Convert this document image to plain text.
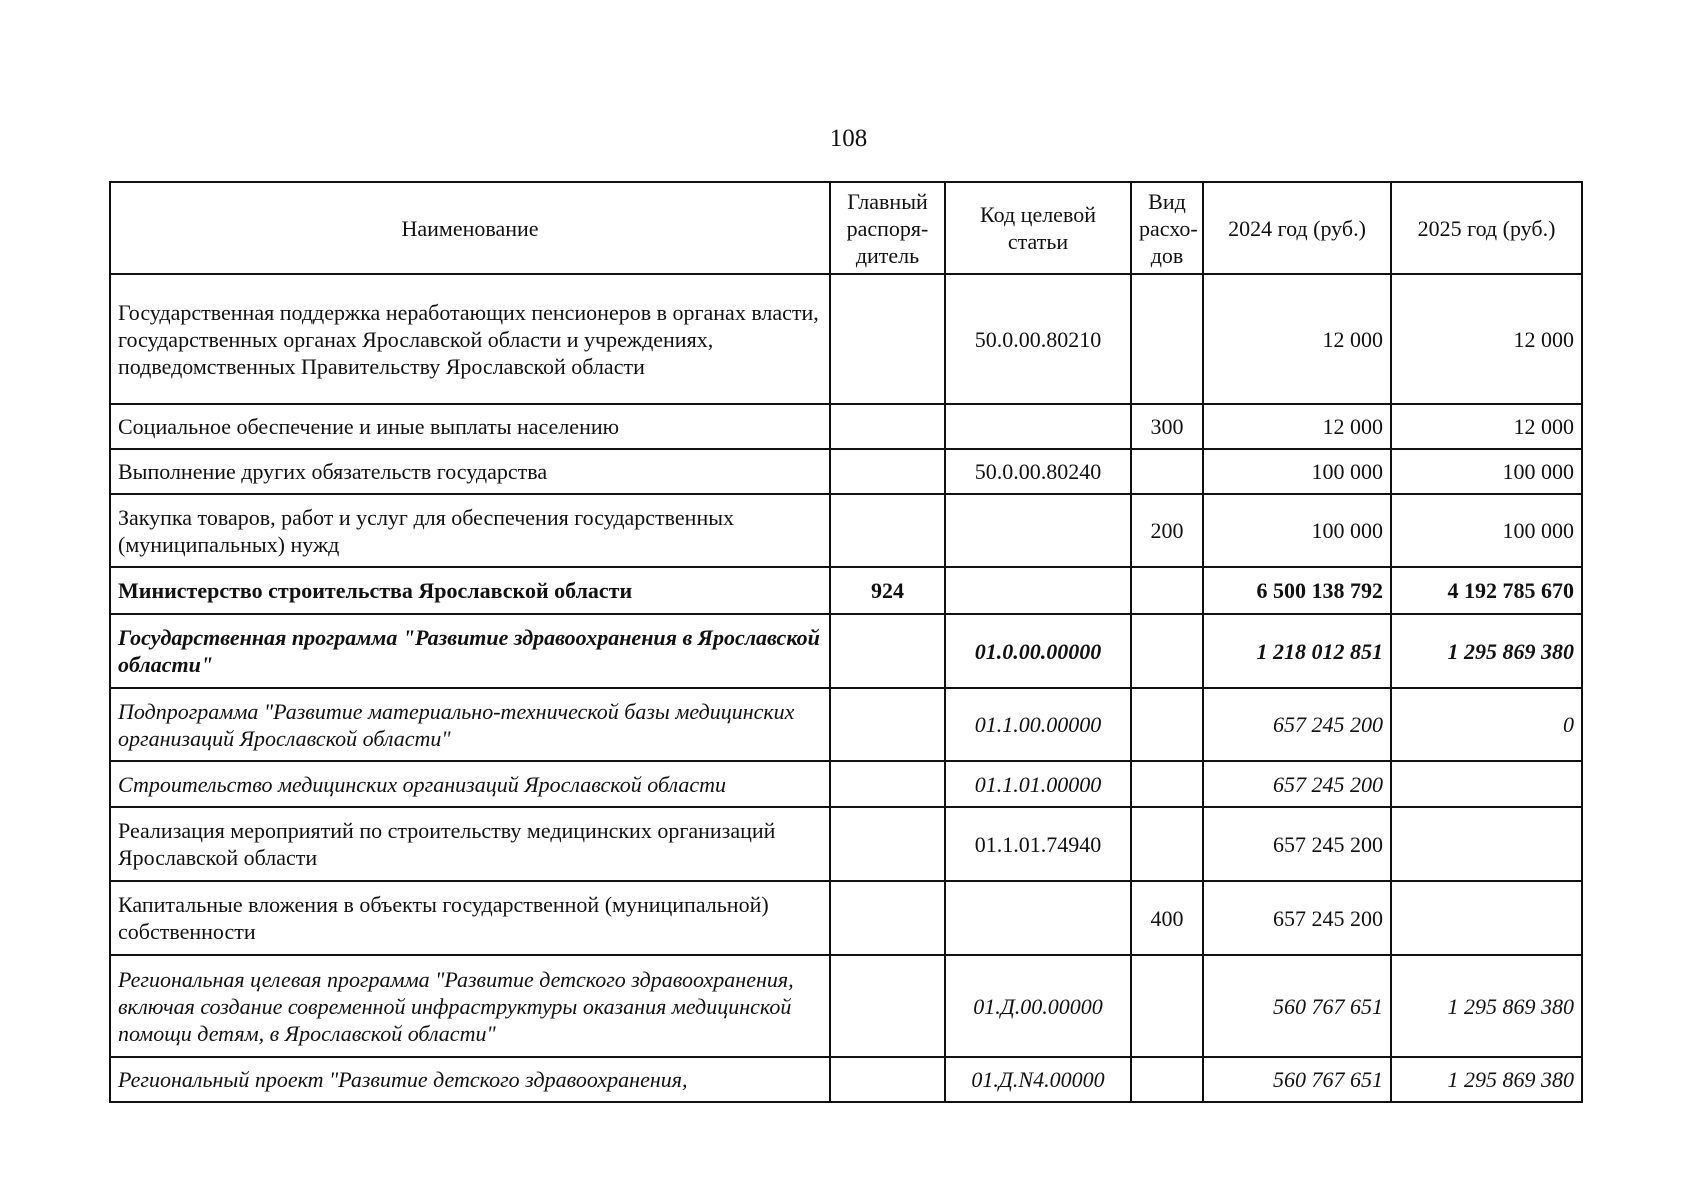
108
Наименование	Главный распоря-дитель	Код целевой статьи	Вид расхо-дов	2024 год (руб.)	2025 год (руб.)
Государственная поддержка неработающих пенсионеров в органах власти, государственных органах Ярославской области и учреждениях, подведомственных Правительству Ярославской области		50.0.00.80210		12 000	12 000
Социальное обеспечение и иные выплаты населению			300	12 000	12 000
Выполнение других обязательств государства		50.0.00.80240		100 000	100 000
Закупка товаров, работ и услуг для обеспечения государственных (муниципальных) нужд			200	100 000	100 000
Министерство строительства Ярославской области	924			6 500 138 792	4 192 785 670
Государственная программа "Развитие здравоохранения в Ярославской области"		01.0.00.00000		1 218 012 851	1 295 869 380
Подпрограмма "Развитие материально-технической базы медицинских организаций Ярославской области"		01.1.00.00000		657 245 200	0
Строительство медицинских организаций Ярославской области		01.1.01.00000		657 245 200	
Реализация мероприятий по строительству медицинских организаций Ярославской области		01.1.01.74940		657 245 200	
Капитальные вложения в объекты государственной (муниципальной) собственности			400	657 245 200	
Региональная целевая программа "Развитие детского здравоохранения, включая создание современной инфраструктуры оказания медицинской помощи детям, в Ярославской области"		01.Д.00.00000		560 767 651	1 295 869 380
Региональный проект "Развитие детского здравоохранения,		01.Д.N4.00000		560 767 651	1 295 869 380
